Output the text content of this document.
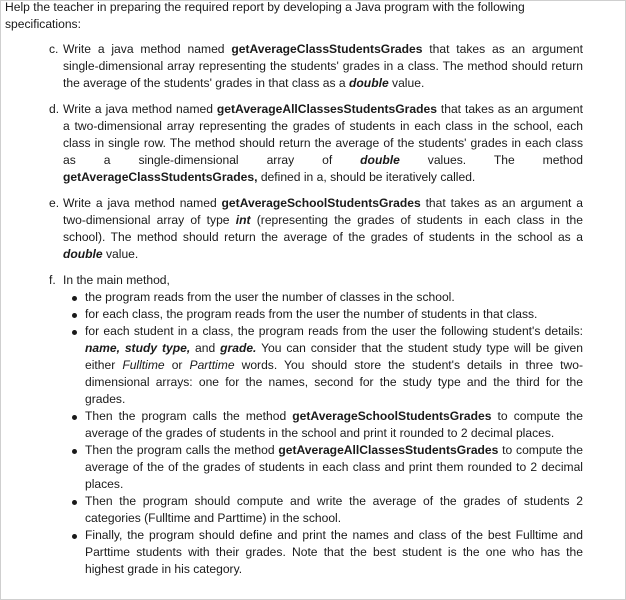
Help the teacher in preparing the required report by developing a Java program with the following specifications:

c. Write a java method named getAverageClassStudentsGrades that takes as an argument single-dimensional array representing the students' grades in a class. The method should return the average of the students' grades in that class as a double value.
d. Write a java method named getAverageAllClassesStudentsGrades that takes as an argument a two-dimensional array representing the grades of students in each class in the school, each class in single row. The method should return the average of the students' grades in each class as a single-dimensional array of double values. The method getAverageClassStudentsGrades, defined in a, should be iteratively called.
e. Write a java method named getAverageSchoolStudentsGrades that takes as an argument a two-dimensional array of type int (representing the grades of students in each class in the school). The method should return the average of the grades of students in the school as a double value.
f. In the main method,

the program reads from the user the number of classes in the school.
for each class, the program reads from the user the number of students in that class.
for each student in a class, the program reads from the user the following student's details: name, study type, and grade. You can consider that the student study type will be given either Fulltime or Parttime words. You should store the student's details in three two-dimensional arrays: one for the names, second for the study type and the third for the grades.
Then the program calls the method getAverageSchoolStudentsGrades to compute the average of the grades of students in the school and print it rounded to 2 decimal places.
Then the program calls the method getAverageAllClassesStudentsGrades to compute the average of the of the grades of students in each class and print them rounded to 2 decimal places.
Then the program should compute and write the average of the grades of students 2 categories (Fulltime and Parttime) in the school.
Finally, the program should define and print the names and class of the best Fulltime and Parttime students with their grades. Note that the best student is the one who has the highest grade in his category.
